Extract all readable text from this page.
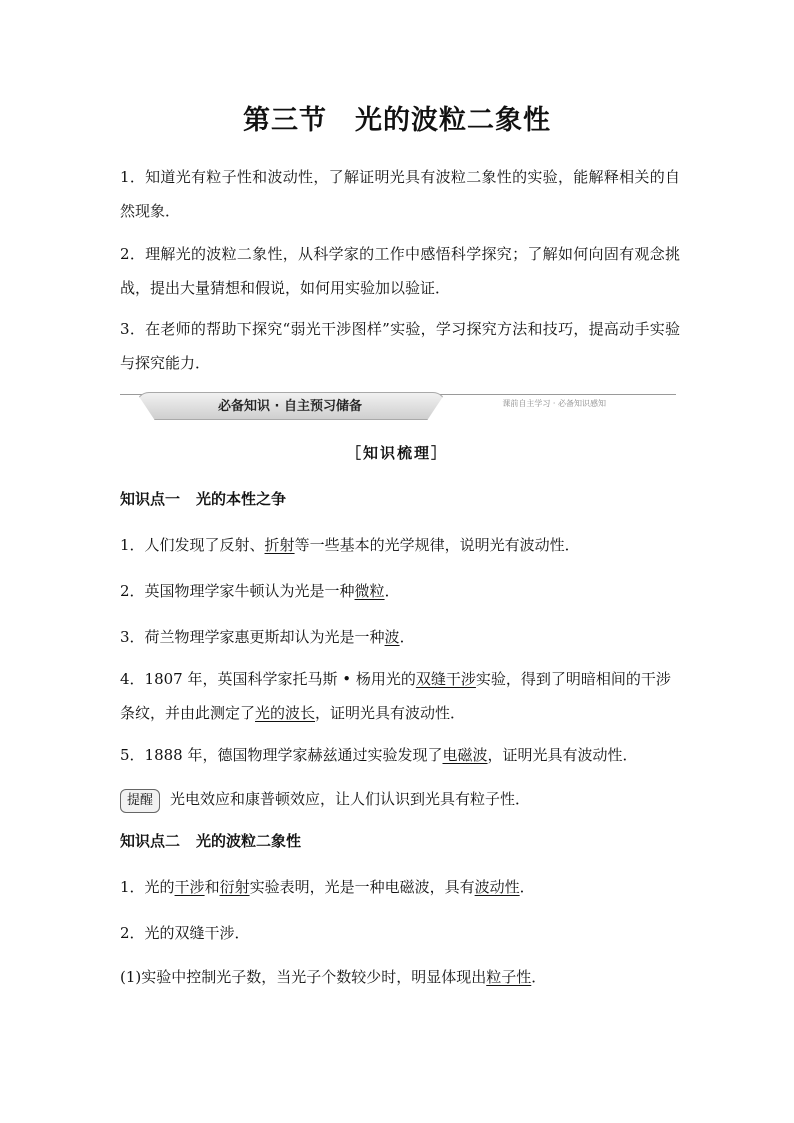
第三节 光的波粒二象性
1．知道光有粒子性和波动性，了解证明光具有波粒二象性的实验，能解释相关的自然现象．
2．理解光的波粒二象性，从科学家的工作中感悟科学探究；了解如何向固有观念挑战，提出大量猜想和假说，如何用实验加以验证．
3．在老师的帮助下探究“弱光干涉图样”实验，学习探究方法和技巧，提高动手实验与探究能力．
必备知识 · 自主预习储备	课前自主学习 · 必备知识感知
［知识梳理］
知识点一 光的本性之争
1．人们发现了反射、折射等一些基本的光学规律，说明光有波动性．
2．英国物理学家牛顿认为光是一种微粒．
3．荷兰物理学家惠更斯却认为光是一种波．
4．1807 年，英国科学家托马斯 • 杨用光的双缝干涉实验，得到了明暗相间的干涉条纹，并由此测定了光的波长，证明光具有波动性．
5．1888 年，德国物理学家赫兹通过实验发现了电磁波，证明光具有波动性．
提醒 光电效应和康普顿效应，让人们认识到光具有粒子性．
知识点二 光的波粒二象性
1．光的干涉和衍射实验表明，光是一种电磁波，具有波动性．
2．光的双缝干涉．
(1)实验中控制光子数，当光子个数较少时，明显体现出粒子性．
